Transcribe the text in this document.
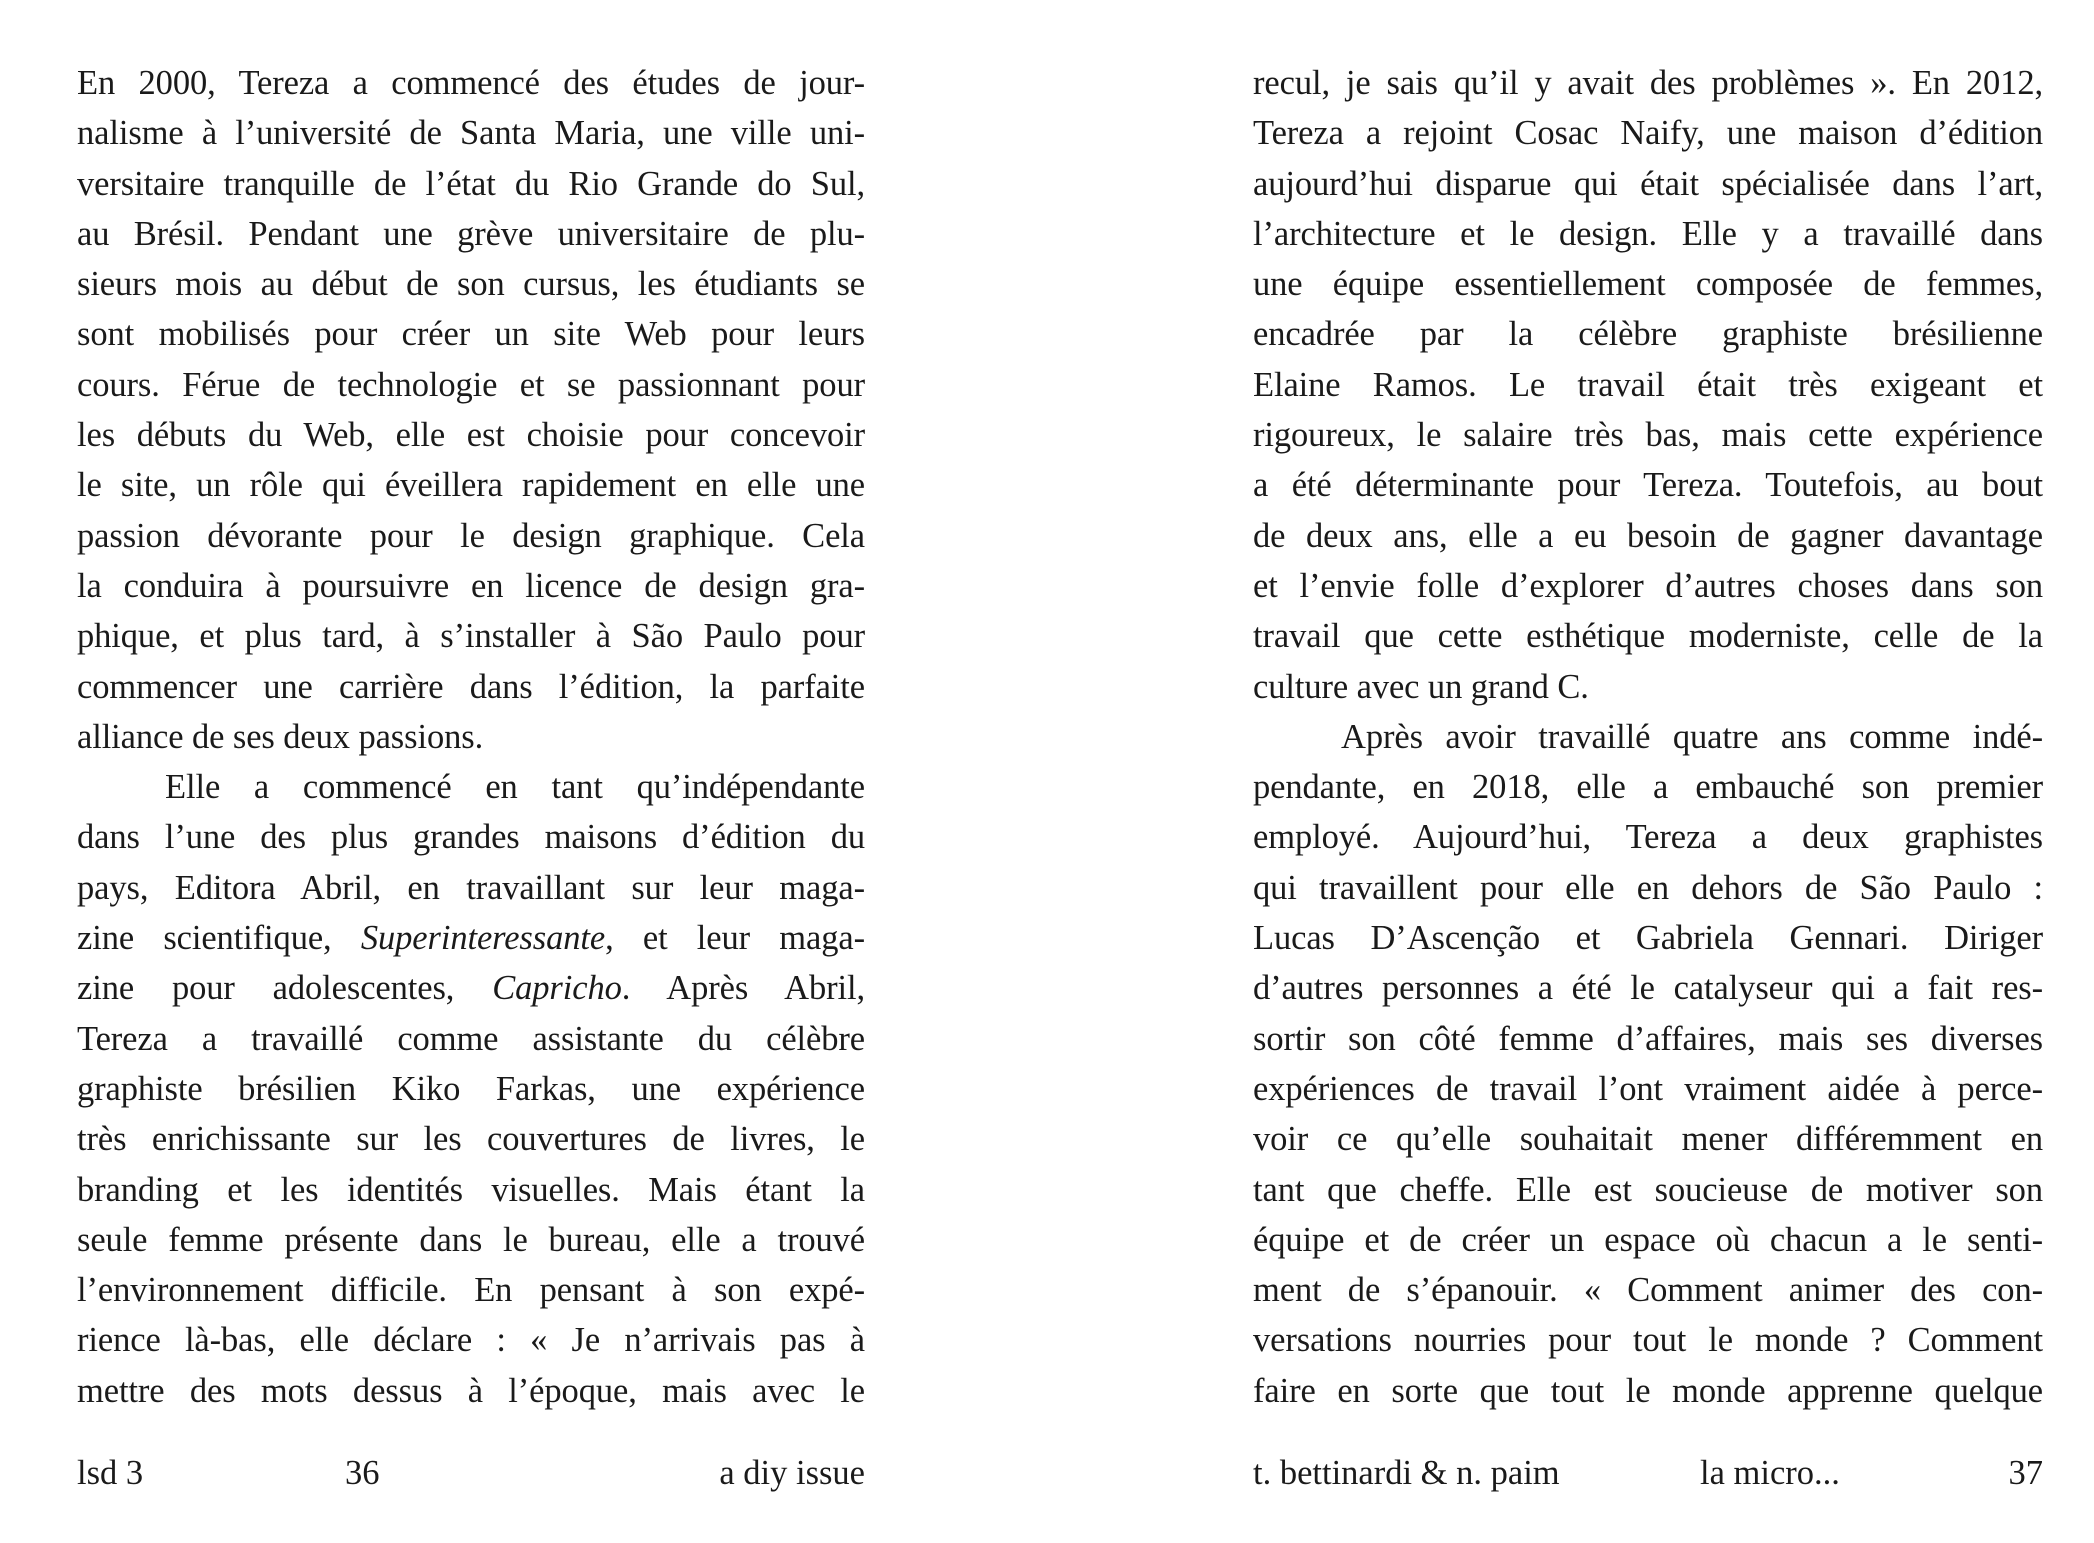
En 2000, Tereza a commencé des études de jour-
nalisme à l’université de Santa Maria, une ville uni-
versitaire tranquille de l’état du Rio Grande do Sul,
au Brésil. Pendant une grève universitaire de plu-
sieurs mois au début de son cursus, les étudiants se
sont mobilisés pour créer un site Web pour leurs
cours. Férue de technologie et se passionnant pour
les débuts du Web, elle est choisie pour concevoir
le site, un rôle qui éveillera rapidement en elle une
passion dévorante pour le design graphique. Cela
la conduira à poursuivre en licence de design gra-
phique, et plus tard, à s’installer à São Paulo pour
commencer une carrière dans l’édition, la parfaite
alliance de ses deux passions.
Elle a commencé en tant qu’indépendante
dans l’une des plus grandes maisons d’édition du
pays, Editora Abril, en travaillant sur leur maga-
zine scientifique, Superinteressante, et leur maga-
zine pour adolescentes, Capricho. Après Abril,
Tereza a travaillé comme assistante du célèbre
graphiste brésilien Kiko Farkas, une expérience
très enrichissante sur les couvertures de livres, le
branding et les identités visuelles. Mais étant la
seule femme présente dans le bureau, elle a trouvé
l’environnement difficile. En pensant à son expé-
rience là-bas, elle déclare : « Je n’arrivais pas à
mettre des mots dessus à l’époque, mais avec le
recul, je sais qu’il y avait des problèmes ». En 2012,
Tereza a rejoint Cosac Naify, une maison d’édition
aujourd’hui disparue qui était spécialisée dans l’art,
l’architecture et le design. Elle y a travaillé dans
une équipe essentiellement composée de femmes,
encadrée par la célèbre graphiste brésilienne
Elaine Ramos. Le travail était très exigeant et
rigoureux, le salaire très bas, mais cette expérience
a été déterminante pour Tereza. Toutefois, au bout
de deux ans, elle a eu besoin de gagner davantage
et l’envie folle d’explorer d’autres choses dans son
travail que cette esthétique moderniste, celle de la
culture avec un grand C.
Après avoir travaillé quatre ans comme indé-
pendante, en 2018, elle a embauché son premier
employé. Aujourd’hui, Tereza a deux graphistes
qui travaillent pour elle en dehors de São Paulo :
Lucas D’Ascenção et Gabriela Gennari. Diriger
d’autres personnes a été le catalyseur qui a fait res-
sortir son côté femme d’affaires, mais ses diverses
expériences de travail l’ont vraiment aidée à perce-
voir ce qu’elle souhaitait mener différemment en
tant que cheffe. Elle est soucieuse de motiver son
équipe et de créer un espace où chacun a le senti-
ment de s’épanouir. « Comment animer des con-
versations nourries pour tout le monde ? Comment
faire en sorte que tout le monde apprenne quelque
lsd 3	36	a diy issue	t. bettinardi & n. paim	la micro...	37
